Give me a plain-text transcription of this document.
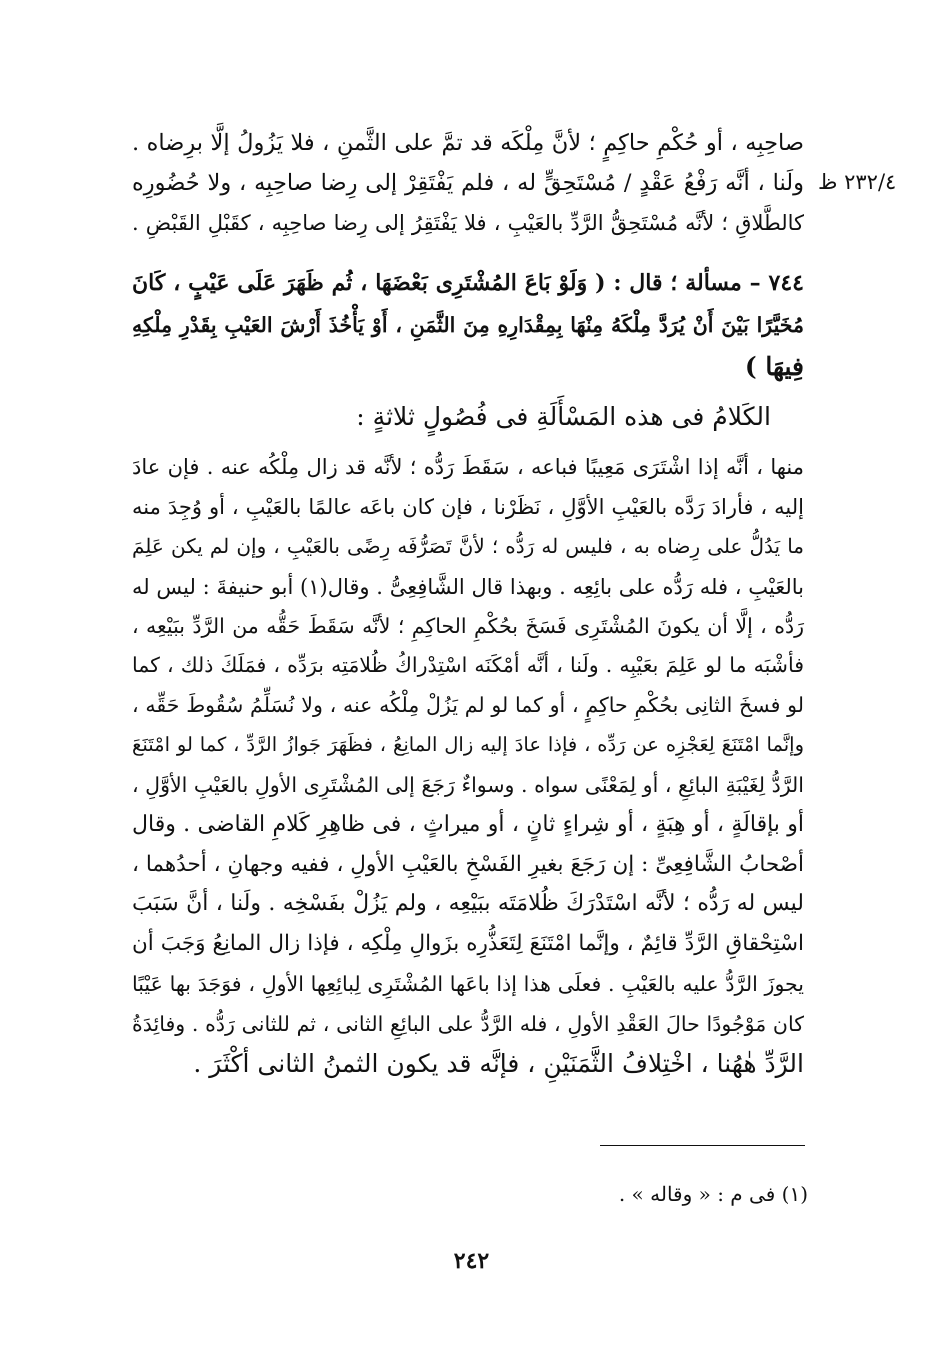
٢٣٢/٤ ظ
صاحِبِه ، أو حُكْمِ حاكِمٍ ؛ لأنَّ مِلْكَه قد تمَّ على الثَّمنِ ، فلا يَزُولُ إلَّا برِضاه .
ولَنا ، أنَّه رَفْعُ عَقْدٍ / مُسْتَحِقٍّ له ، فلم يَفْتَقِرْ إلى رِضا صاحِبِه ، ولا حُضُورِه
كالطَّلاقِ ؛ لأنَّه مُسْتَحِقُّ الرَّدِّ بالعَيْبِ ، فلا يَفْتَقِرُ إلى رِضا صاحِبِه ، كقَبْلِ القَبْضِ .
٧٤٤ – مسألة ؛ قال : ( وَلَوْ بَاعَ المُشْتَرِى بَعْضَهَا ، ثُم ظَهَرَ عَلَى عَيْبٍ ، كَانَ
مُخَيَّرًا بَيْنَ أَنْ يُرَدَّ مِلْكَهُ مِنْهَا بِمِقْدَارِهِ مِنَ الثَّمَنِ ، أَوْ يَأْخُذَ أَرْشَ العَيْبِ بِقَدْرِ مِلْكِهِ
فِيهَا )
الكَلامُ فى هذه المَسْأَلَةِ فى فُصُولٍ ثلاثةٍ :
منها ، أنَّه إذا اشْتَرَى مَعِيبًا فباعه ، سَقَطَ رَدُّه ؛ لأنَّه قد زال مِلْكُه عنه . فإن عادَ
إليه ، فأرادَ رَدَّه بالعَيْبِ الأوَّلِ ، نَظَرْنا ، فإن كان باعَه عالمًا بالعَيْبِ ، أو وُجِدَ منه
ما يَدُلُّ على رِضاه به ، فليس له رَدُّه ؛ لأنَّ تَصَرُّفَه رِضًى بالعَيْبِ ، وإن لم يكن عَلِمَ
بالعَيْبِ ، فله رَدُّه على بائِعِه . وبهذا قال الشَّافِعِىُّ . وقال(١) أبو حنيفةَ : ليس له
رَدُّه ، إلَّا أن يكونَ المُشْتَرِى فَسَخَ بحُكْمِ الحاكِمِ ؛ لأنَّه سَقَطَ حَقُّه من الرَّدِّ ببَيْعِه ،
فأشْبَه ما لو عَلِمَ بعَيْبِه . ولَنا ، أنَّه أمْكَنَه اسْتِدْراكُ ظُلامَتِه برَدِّه ، فمَلَكَ ذلك ، كما
لو فسخَ الثانِى بحُكْمِ حاكِمٍ ، أو كما لو لم يَزُلْ مِلْكُه عنه ، ولا نُسَلِّمُ سُقُوطَ حَقِّه ،
وإنَّما امْتَنَعَ لِعَجْزِه عن رَدِّه ، فإذا عادَ إليه زال المانِعُ ، فظَهَرَ جَوازُ الرَّدِّ ، كما لو امْتَنَعَ
الرَّدُّ لِغَيْبَةِ البائِعِ ، أو لِمَعْنًى سواه . وسواءٌ رَجَعَ إلى المُشْتَرِى الأولِ بالعَيْبِ الأوَّلِ ،
أو بإقالَةٍ ، أو هِبَةٍ ، أو شِراءٍ ثانٍ ، أو ميراثٍ ، فى ظاهِرِ كَلامِ القاضى . وقال
أصْحابُ الشَّافِعِىِّ : إن رَجَعَ بغيرِ الفَسْخِ بالعَيْبِ الأولِ ، ففيه وجهانِ ، أحدُهما ،
ليس له رَدُّه ؛ لأنَّه اسْتَدْرَكَ ظُلامَتَه ببَيْعِه ، ولم يَزُلْ بفَسْخِه . ولَنا ، أنَّ سَبَبَ
اسْتِحْقاقِ الرَّدِّ قائِمٌ ، وإنَّما امْتَنَعَ لِتَعَذُّرِه بزَوالِ مِلْكِه ، فإذا زال المانِعُ وَجَبَ أن
يجوزَ الرَّدُّ عليه بالعَيْبِ . فعلَى هذا إذا باعَها المُشْتَرِى لِبائِعِها الأولِ ، فوَجَدَ بها عَيْبًا
كان مَوْجُودًا حالَ العَقْدِ الأولِ ، فله الرَّدُّ على البائِعِ الثانى ، ثم للثانى رَدُّه . وفائِدَةُ
الرَّدِّ هٰهُنا ، اخْتِلافُ الثَّمَنَيْنِ ، فإنَّه قد يكون الثمنُ الثانى أكْثَرَ .
(١) فى م : « وقاله » .
٢٤٢
